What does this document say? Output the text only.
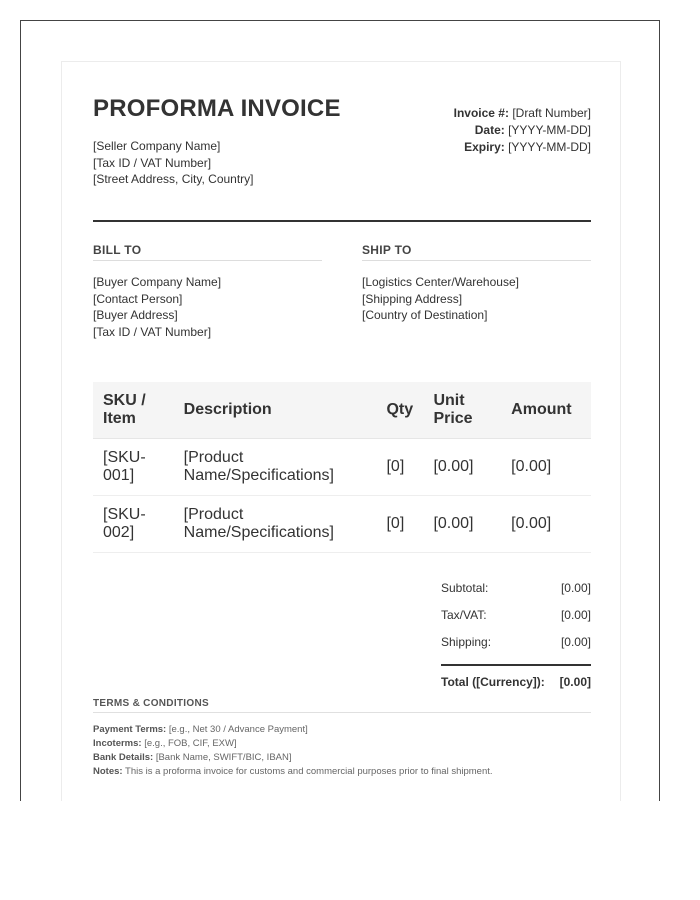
PROFORMA INVOICE
[Seller Company Name]
[Tax ID / VAT Number]
[Street Address, City, Country]
Invoice #: [Draft Number]
Date: [YYYY-MM-DD]
Expiry: [YYYY-MM-DD]
BILL TO
[Buyer Company Name]
[Contact Person]
[Buyer Address]
[Tax ID / VAT Number]
SHIP TO
[Logistics Center/Warehouse]
[Shipping Address]
[Country of Destination]
SKU / Item	Description	Qty	Unit Price	Amount
[SKU-001]	[Product Name/Specifications]	[0]	[0.00]	[0.00]
[SKU-002]	[Product Name/Specifications]	[0]	[0.00]	[0.00]
Subtotal:	[0.00]
Tax/VAT:	[0.00]
Shipping:	[0.00]
Total ([Currency]): [0.00]
TERMS & CONDITIONS
Payment Terms: [e.g., Net 30 / Advance Payment]
Incoterms: [e.g., FOB, CIF, EXW]
Bank Details: [Bank Name, SWIFT/BIC, IBAN]
Notes: This is a proforma invoice for customs and commercial purposes prior to final shipment.
